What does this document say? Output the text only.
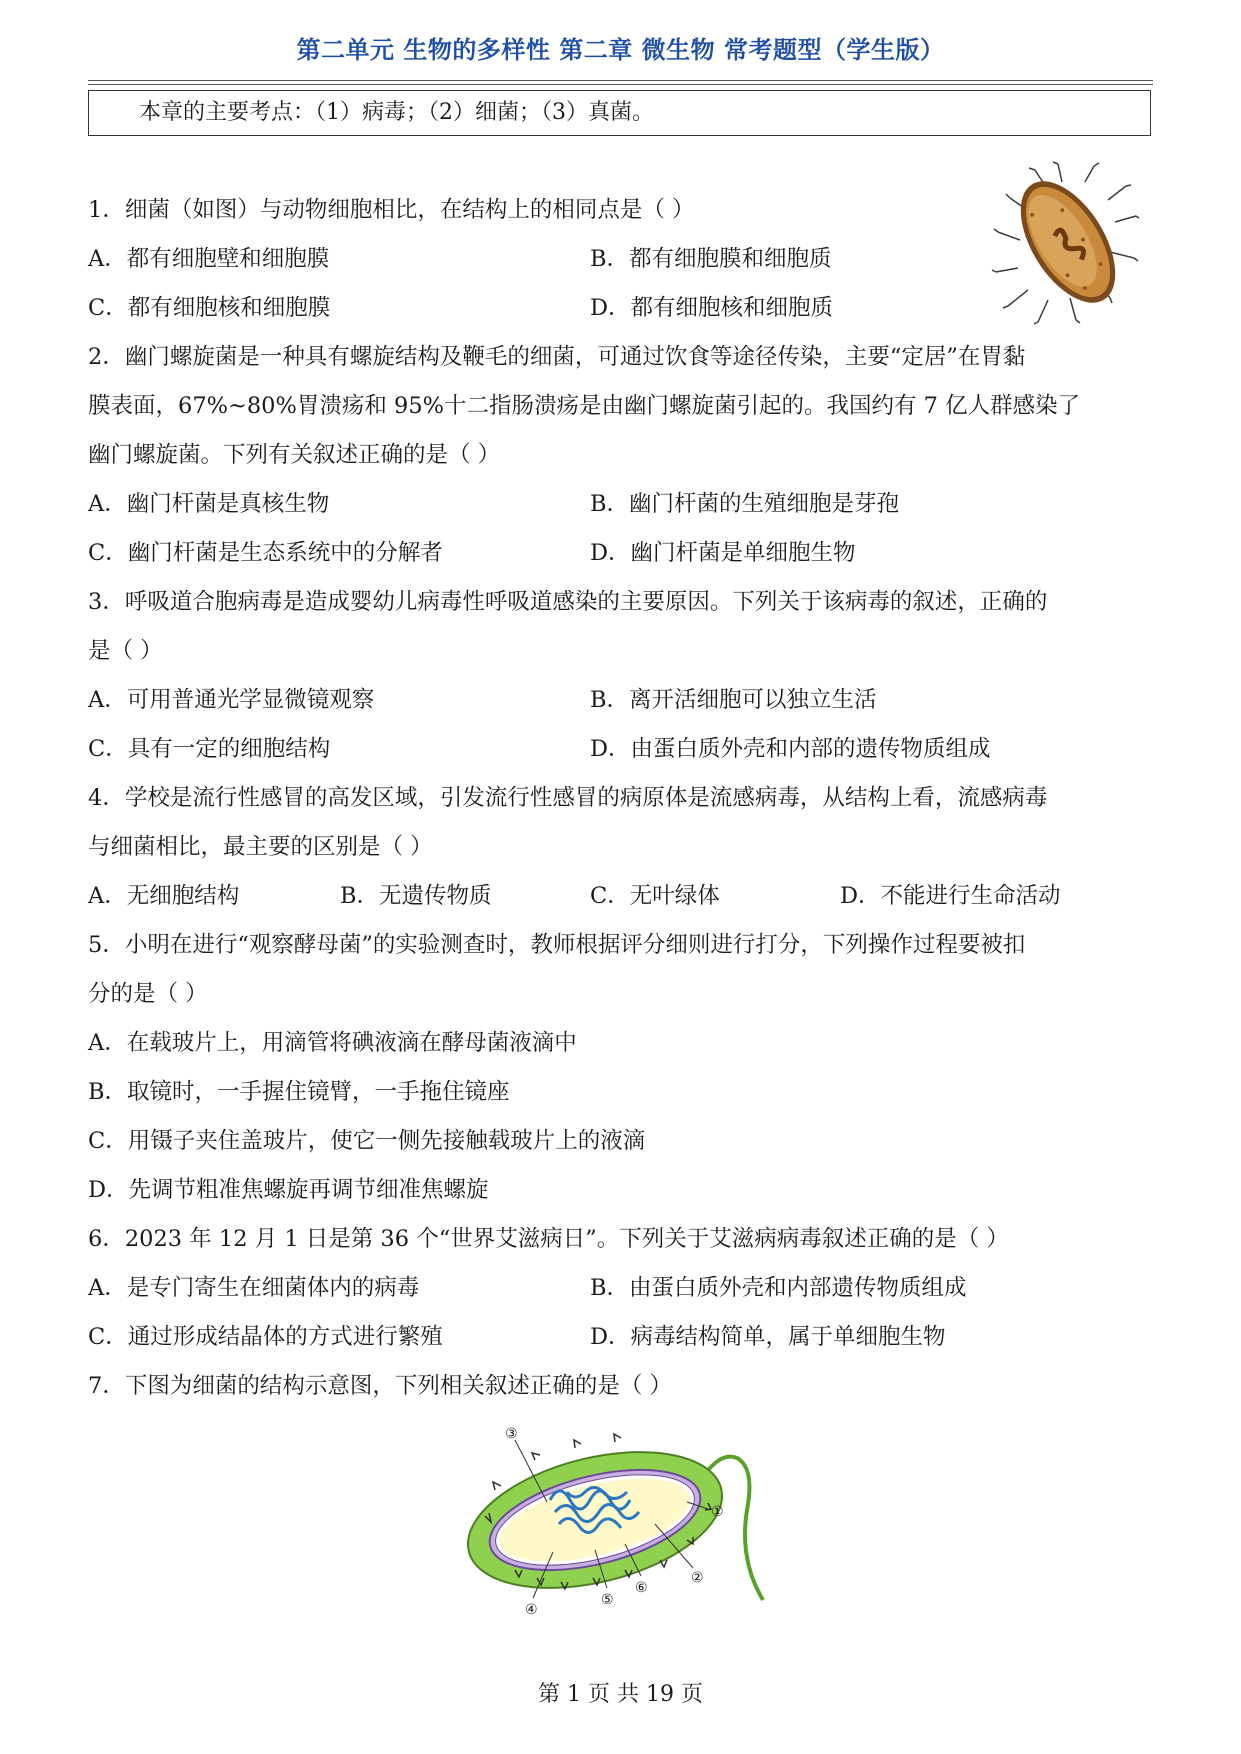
第二单元 生物的多样性 第二章 微生物 常考题型（学生版）
本章的主要考点：（1）病毒；（2）细菌；（3）真菌。
1．细菌（如图）与动物细胞相比，在结构上的相同点是（ ）
A．都有细胞壁和细胞膜	B．都有细胞膜和细胞质
C．都有细胞核和细胞膜	D．都有细胞核和细胞质
2．幽门螺旋菌是一种具有螺旋结构及鞭毛的细菌，可通过饮食等途径传染，主要“定居”在胃黏
膜表面，67%~80%胃溃疡和 95%十二指肠溃疡是由幽门螺旋菌引起的。我国约有 7 亿人群感染了
幽门螺旋菌。下列有关叙述正确的是（ ）
A．幽门杆菌是真核生物	B．幽门杆菌的生殖细胞是芽孢
C．幽门杆菌是生态系统中的分解者	D．幽门杆菌是单细胞生物
3．呼吸道合胞病毒是造成婴幼儿病毒性呼吸道感染的主要原因。下列关于该病毒的叙述，正确的
是（ ）
A．可用普通光学显微镜观察	B．离开活细胞可以独立生活
C．具有一定的细胞结构	D．由蛋白质外壳和内部的遗传物质组成
4．学校是流行性感冒的高发区域，引发流行性感冒的病原体是流感病毒，从结构上看，流感病毒
与细菌相比，最主要的区别是（ ）
A．无细胞结构	B．无遗传物质	C．无叶绿体	D．不能进行生命活动
5．小明在进行“观察酵母菌”的实验测查时，教师根据评分细则进行打分，下列操作过程要被扣
分的是（ ）
A．在载玻片上，用滴管将碘液滴在酵母菌液滴中
B．取镜时，一手握住镜臂，一手拖住镜座
C．用镊子夹住盖玻片，使它一侧先接触载玻片上的液滴
D．先调节粗准焦螺旋再调节细准焦螺旋
6．2023 年 12 月 1 日是第 36 个“世界艾滋病日”。下列关于艾滋病病毒叙述正确的是（ ）
A．是专门寄生在细菌体内的病毒	B．由蛋白质外壳和内部遗传物质组成
C．通过形成结晶体的方式进行繁殖	D．病毒结构简单，属于单细胞生物
7．下图为细菌的结构示意图，下列相关叙述正确的是（ ）
③
①
②
④
⑤
⑥
第 1 页 共 19 页
